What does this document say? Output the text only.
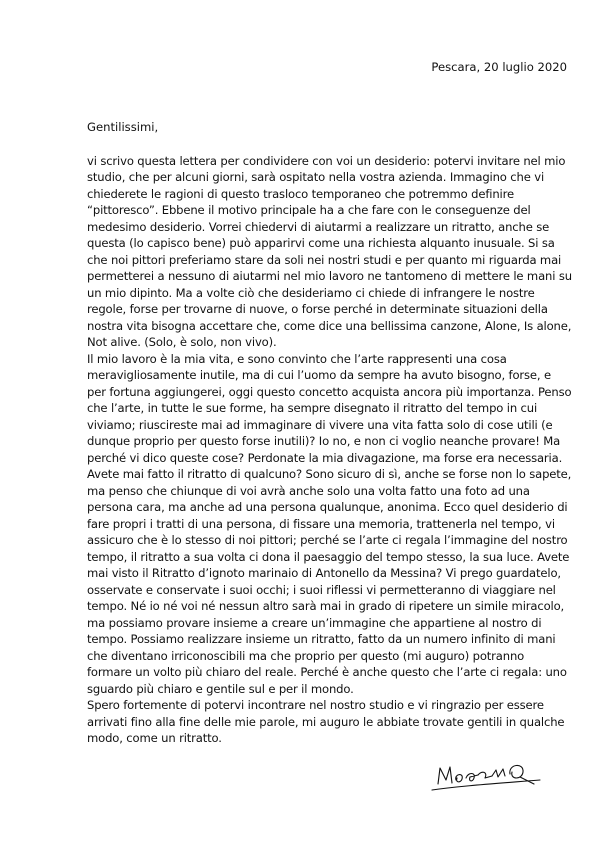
Pescara, 20 luglio 2020

Gentilissimi,

vi scrivo questa lettera per condividere con voi un desiderio: potervi invitare nel mio studio, che per alcuni giorni, sarà ospitato nella vostra azienda. Immagino che vi chiederete le ragioni di questo trasloco temporaneo che potremmo definire “pittoresco”. Ebbene il motivo principale ha a che fare con le conseguenze del medesimo desiderio. Vorrei chiedervi di aiutarmi a realizzare un ritratto, anche se questa (lo capisco bene) può apparirvi come una richiesta alquanto inusuale. Si sa che noi pittori preferiamo stare da soli nei nostri studi e per quanto mi riguarda mai permetterei a nessuno di aiutarmi nel mio lavoro ne tantomeno di mettere le mani su un mio dipinto. Ma a volte ciò che desideriamo ci chiede di infrangere le nostre regole, forse per trovarne di nuove, o forse perché in determinate situazioni della nostra vita bisogna accettare che, come dice una bellissima canzone, Alone, Is alone, Not alive. (Solo, è solo, non vivo).

Il mio lavoro è la mia vita, e sono convinto che l’arte rappresenti una cosa meravigliosamente inutile, ma di cui l’uomo da sempre ha avuto bisogno, forse, e per fortuna aggiungerei, oggi questo concetto acquista ancora più importanza. Penso che l’arte, in tutte le sue forme, ha sempre disegnato il ritratto del tempo in cui viviamo; riuscireste mai ad immaginare di vivere una vita fatta solo di cose utili (e dunque proprio per questo forse inutili)? Io no, e non ci voglio neanche provare! Ma perché vi dico queste cose? Perdonate la mia divagazione, ma forse era necessaria. Avete mai fatto il ritratto di qualcuno? Sono sicuro di sì, anche se forse non lo sapete, ma penso che chiunque di voi avrà anche solo una volta fatto una foto ad una persona cara, ma anche ad una persona qualunque, anonima. Ecco quel desiderio di fare propri i tratti di una persona, di fissare una memoria, trattenerla nel tempo, vi assicuro che è lo stesso di noi pittori; perché se l’arte ci regala l’immagine del nostro tempo, il ritratto a sua volta ci dona il paesaggio del tempo stesso, la sua luce. Avete mai visto il Ritratto d’ignoto marinaio di Antonello da Messina? Vi prego guardatelo, osservate e conservate i suoi occhi; i suoi riflessi vi permetteranno di viaggiare nel tempo. Né io né voi né nessun altro sarà mai in grado di ripetere un simile miracolo, ma possiamo provare insieme a creare un’immagine che appartiene al nostro di tempo. Possiamo realizzare insieme un ritratto, fatto da un numero infinito di mani che diventano irriconoscibili ma che proprio per questo (mi auguro) potranno formare un volto più chiaro del reale. Perché è anche questo che l’arte ci regala: uno sguardo più chiaro e gentile sul e per il mondo.

Spero fortemente di potervi incontrare nel nostro studio e vi ringrazio per essere arrivati fino alla fine delle mie parole, mi auguro le abbiate trovate gentili in qualche modo, come un ritratto.
